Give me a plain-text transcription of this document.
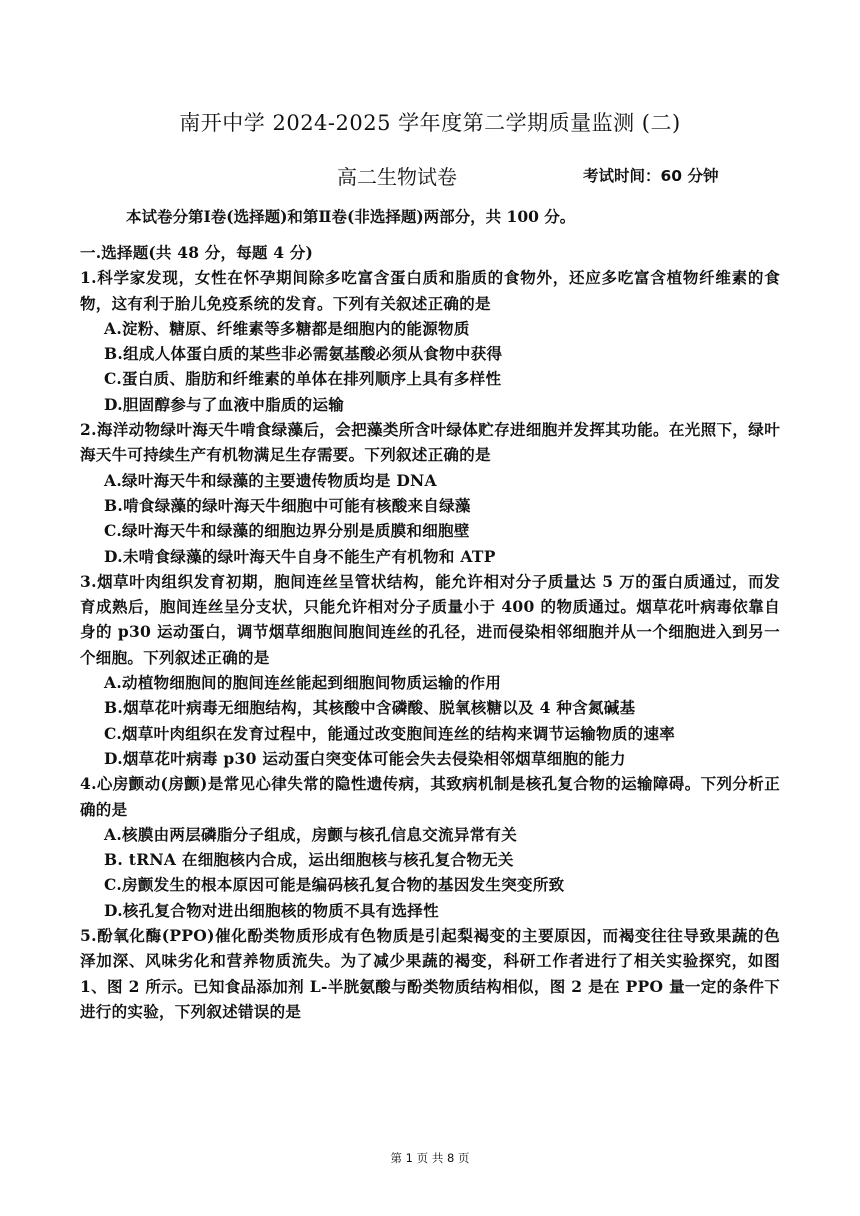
南开中学 2024-2025 学年度第二学期质量监测 (二)
高二生物试卷	考试时间：60 分钟
本试卷分第Ⅰ卷(选择题)和第Ⅱ卷(非选择题)两部分，共 100 分。
一.选择题(共 48 分，每题 4 分)

1.科学家发现，女性在怀孕期间除多吃富含蛋白质和脂质的食物外，还应多吃富含植物纤维素的食物，这有利于胎儿免疫系统的发育。下列有关叙述正确的是

A.淀粉、糖原、纤维素等多糖都是细胞内的能源物质

B.组成人体蛋白质的某些非必需氨基酸必须从食物中获得

C.蛋白质、脂肪和纤维素的单体在排列顺序上具有多样性

D.胆固醇参与了血液中脂质的运输

2.海洋动物绿叶海天牛啃食绿藻后，会把藻类所含叶绿体贮存进细胞并发挥其功能。在光照下，绿叶海天牛可持续生产有机物满足生存需要。下列叙述正确的是

A.绿叶海天牛和绿藻的主要遗传物质均是 DNA

B.啃食绿藻的绿叶海天牛细胞中可能有核酸来自绿藻

C.绿叶海天牛和绿藻的细胞边界分别是质膜和细胞壁

D.未啃食绿藻的绿叶海天牛自身不能生产有机物和 ATP

3.烟草叶肉组织发育初期，胞间连丝呈管状结构，能允许相对分子质量达 5 万的蛋白质通过，而发育成熟后，胞间连丝呈分支状，只能允许相对分子质量小于 400 的物质通过。烟草花叶病毒依靠自身的 p30 运动蛋白，调节烟草细胞间胞间连丝的孔径，进而侵染相邻细胞并从一个细胞进入到另一个细胞。下列叙述正确的是

A.动植物细胞间的胞间连丝能起到细胞间物质运输的作用

B.烟草花叶病毒无细胞结构，其核酸中含磷酸、脱氧核糖以及 4 种含氮碱基

C.烟草叶肉组织在发育过程中，能通过改变胞间连丝的结构来调节运输物质的速率

D.烟草花叶病毒 p30 运动蛋白突变体可能会失去侵染相邻烟草细胞的能力

4.心房颤动(房颤)是常见心律失常的隐性遗传病，其致病机制是核孔复合物的运输障碍。下列分析正确的是

A.核膜由两层磷脂分子组成，房颤与核孔信息交流异常有关

B. tRNA 在细胞核内合成，运出细胞核与核孔复合物无关

C.房颤发生的根本原因可能是编码核孔复合物的基因发生突变所致

D.核孔复合物对进出细胞核的物质不具有选择性

5.酚氧化酶(PPO)催化酚类物质形成有色物质是引起梨褐变的主要原因，而褐变往往导致果蔬的色泽加深、风味劣化和营养物质流失。为了减少果蔬的褐变，科研工作者进行了相关实验探究，如图 1、图 2 所示。已知食品添加剂 L-半胱氨酸与酚类物质结构相似，图 2 是在 PPO 量一定的条件下进行的实验，下列叙述错误的是

第 1 页 共 8 页
